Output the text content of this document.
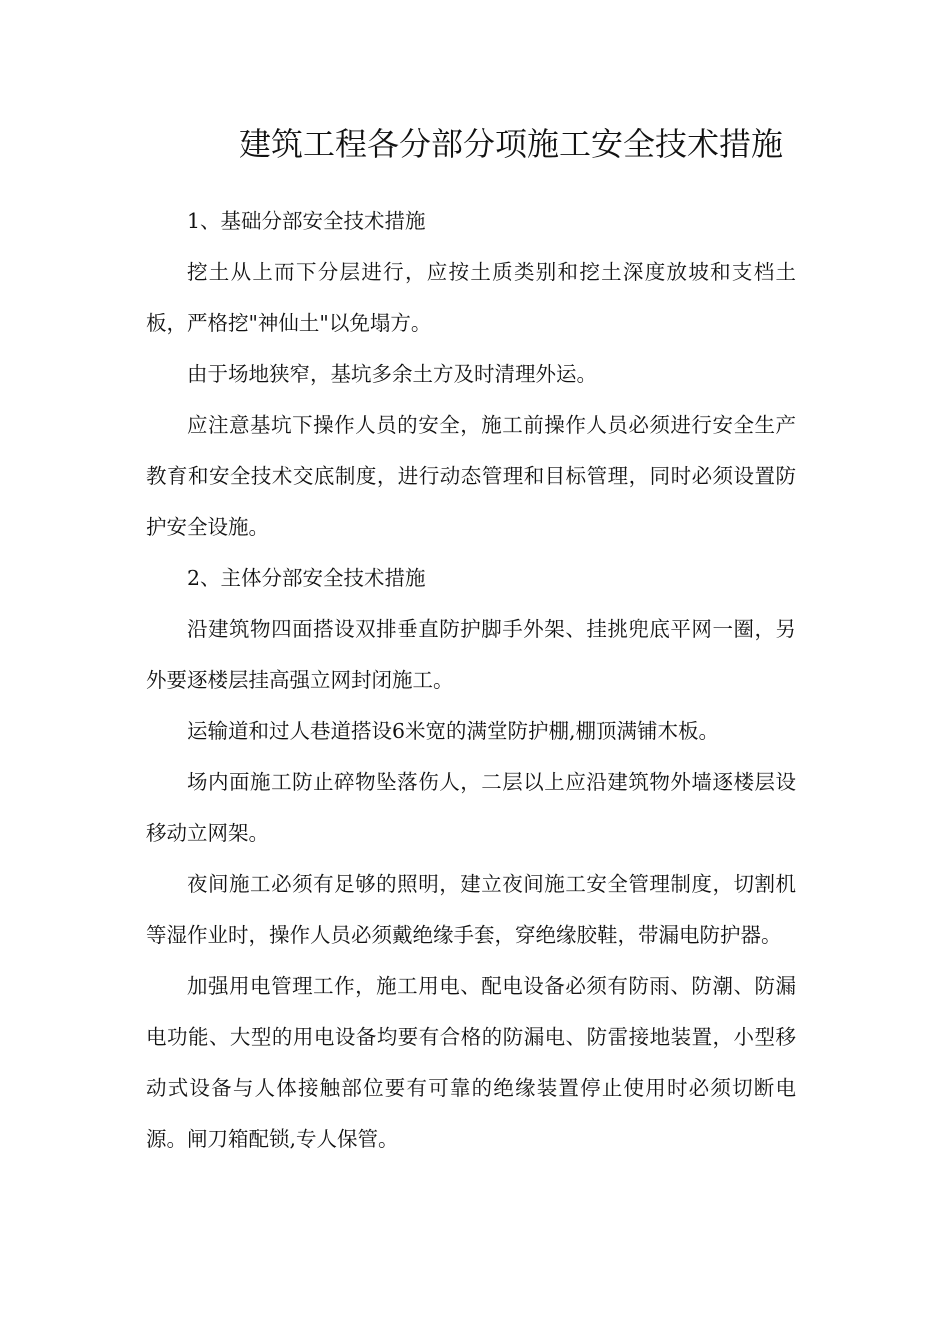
建筑工程各分部分项施工安全技术措施

1、基础分部安全技术措施

挖土从上而下分层进行，应按土质类别和挖土深度放坡和支档土板，严格挖"神仙土"以免塌方。

由于场地狭窄，基坑多余土方及时清理外运。

应注意基坑下操作人员的安全，施工前操作人员必须进行安全生产教育和安全技术交底制度，进行动态管理和目标管理，同时必须设置防护安全设施。

2、主体分部安全技术措施

沿建筑物四面搭设双排垂直防护脚手外架、挂挑兜底平网一圈，另外要逐楼层挂高强立网封闭施工。

运输道和过人巷道搭设6米宽的满堂防护棚,棚顶满铺木板。

场内面施工防止碎物坠落伤人，二层以上应沿建筑物外墙逐楼层设移动立网架。

夜间施工必须有足够的照明，建立夜间施工安全管理制度，切割机等湿作业时，操作人员必须戴绝缘手套，穿绝缘胶鞋，带漏电防护器。

加强用电管理工作，施工用电、配电设备必须有防雨、防潮、防漏电功能、大型的用电设备均要有合格的防漏电、防雷接地装置，小型移动式设备与人体接触部位要有可靠的绝缘装置停止使用时必须切断电源。闸刀箱配锁,专人保管。
